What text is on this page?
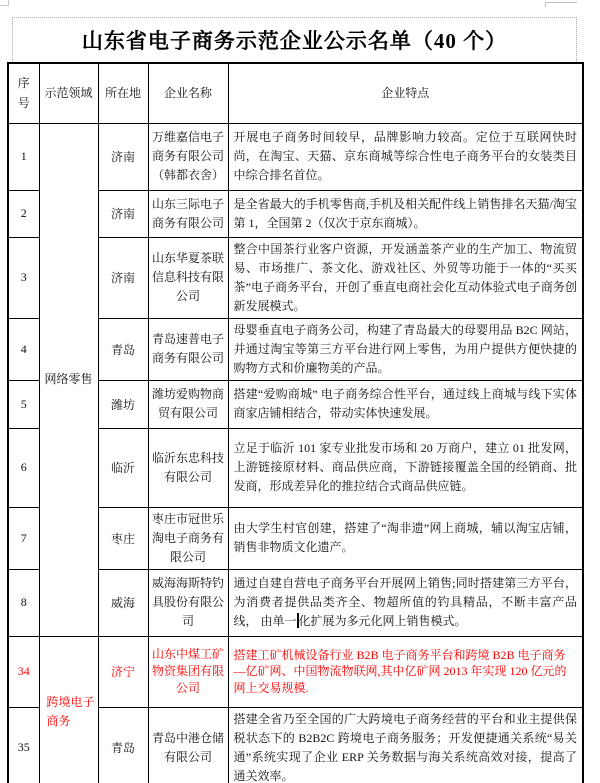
山东省电子商务示范企业公示名单（40 个）
序号	示范领域	所在地	企业名称	企业特点
1	网络零售	济南	万维嘉信电子商务有限公司（韩都衣舍）	开展电子商务时间较早，品牌影响力较高。定位于互联网快时尚，在淘宝、天猫、京东商城等综合性电子商务平台的女装类目中综合排名首位。
2		济南	山东三际电子商务有限公司	是全省最大的手机零售商,手机及相关配件线上销售排名天猫/淘宝第 1，全国第 2（仅次于京东商城）。
3		济南	山东华夏茶联信息科技有限公司	整合中国茶行业客户资源，开发涵盖茶产业的生产加工、物流贸易、市场推广、茶文化、游戏社区、外贸等功能于一体的“买买茶”电子商务平台，开创了垂直电商社会化互动体验式电子商务创新发展模式。
4		青岛	青岛速普电子商务有限公司	母婴垂直电子商务公司，构建了青岛最大的母婴用品 B2C 网站，并通过淘宝等第三方平台进行网上零售，为用户提供方便快捷的购物方式和价廉物美的产品。
5		潍坊	潍坊爱购物商贸有限公司	搭建“爱购商城” 电子商务综合性平台，通过线上商城与线下实体商家店铺相结合，带动实体快速发展。
6		临沂	临沂东忠科技有限公司	立足于临沂 101 家专业批发市场和 20 万商户，建立 01 批发网，上游链接原材料、商品供应商，下游链接覆盖全国的经销商、批发商，形成差异化的推拉结合式商品供应链。
7		枣庄	枣庄市冠世乐淘电子商务有限公司	由大学生村官创建，搭建了“淘非遗”网上商城，辅以淘宝店铺，销售非物质文化遗产。
8		威海	威海海斯特钓具股份有限公司	通过自建自营电子商务平台开展网上销售;同时搭建第三方平台，为消费者提供品类齐全、物超所值的钓具精品，不断丰富产品线， 由单一 化扩展为多元化网上销售模式。
34	跨境电子商务	济宁	山东中煤工矿物资集团有限公司	搭建工矿机械设备行业 B2B 电子商务平台和跨境 B2B 电子商务—亿矿网、中国物流物联网,其中亿矿网 2013 年实现 120 亿元的网上交易规模.
35		青岛	青岛中港仓储有限公司	搭建全省乃至全国的广大跨境电子商务经营的平台和业主提供保税状态下的 B2B2C 跨境电子商务服务；开发便捷通关系统“易关通”系统实现了企业 ERP 关务数据与海关系统高效对接，提高了通关效率。
